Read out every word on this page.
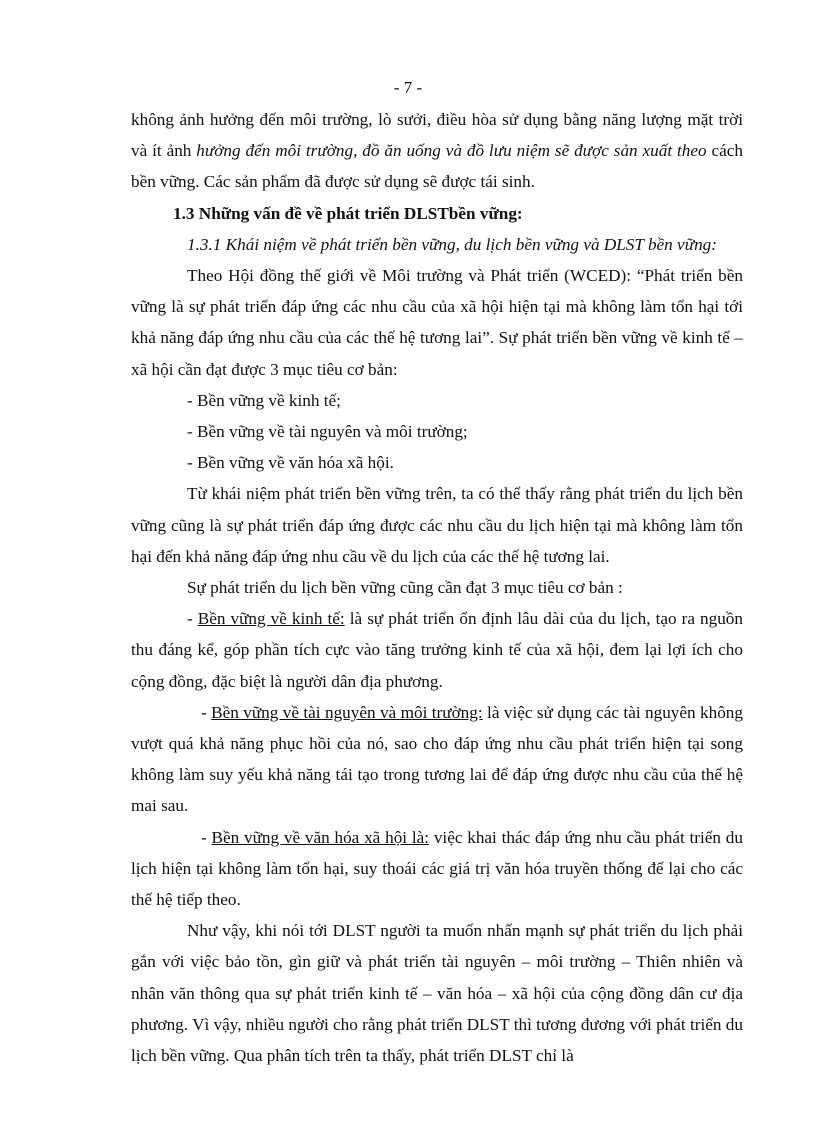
- 7 -

không ảnh hưởng đến môi trường, lò sưởi, điều hòa sử dụng bằng năng lượng mặt trời và ít ảnh hưởng đến môi trường, đồ ăn uống và đồ lưu niệm sẽ được sản xuất theo cách bền vững. Các sản phẩm đã được sử dụng sẽ được tái sinh.

1.3 Những vấn đề về phát triển DLSTbền vững:

1.3.1 Khái niệm về phát triển bền vững, du lịch bền vững và DLST bền vững:

Theo Hội đồng thế giới về Môi trường và Phát triển (WCED): “Phát triển bền vững là sự phát triển đáp ứng các nhu cầu của xã hội hiện tại mà không làm tổn hại tới khả năng đáp ứng nhu cầu của các thế hệ tương lai”. Sự phát triển bền vững về kinh tế – xã hội cần đạt được 3 mục tiêu cơ bản:

- Bền vững về kinh tế;

- Bền vững về tài nguyên và môi trường;

- Bền vững về văn hóa xã hội.

Từ khái niệm phát triển bền vững trên, ta có thể thấy rằng phát triển du lịch bền vững cũng là sự phát triển đáp ứng được các nhu cầu du lịch hiện tại mà không làm tổn hại đến khả năng đáp ứng nhu cầu về du lịch của các thế hệ tương lai.

Sự phát triển du lịch bền vững cũng cần đạt 3 mục tiêu cơ bản :

- Bền vững về kinh tế: là sự phát triển ổn định lâu dài của du lịch, tạo ra nguồn thu đáng kể, góp phần tích cực vào tăng trưởng kinh tế của xã hội, đem lại lợi ích cho cộng đồng, đặc biệt là người dân địa phương.

- Bền vững về tài nguyên và môi trường: là việc sử dụng các tài nguyên không vượt quá khả năng phục hồi của nó, sao cho đáp ứng nhu cầu phát triển hiện tại song không làm suy yếu khả năng tái tạo trong tương lai để đáp ứng được nhu cầu của thế hệ mai sau.

- Bền vững về văn hóa xã hội là: việc khai thác đáp ứng nhu cầu phát triển du lịch hiện tại không làm tổn hại, suy thoái các giá trị văn hóa truyền thống để lại cho các thế hệ tiếp theo.

Như vậy, khi nói tới DLST người ta muốn nhấn mạnh sự phát triển du lịch phải gắn với việc bảo tồn, gìn giữ và phát triển tài nguyên – môi trường – Thiên nhiên và nhân văn thông qua sự phát triển kinh tế – văn hóa – xã hội của cộng đồng dân cư địa phương. Vì vậy, nhiều người cho rằng phát triển DLST thì tương đương với phát triển du lịch bền vững. Qua phân tích trên ta thấy, phát triển DLST chỉ là
